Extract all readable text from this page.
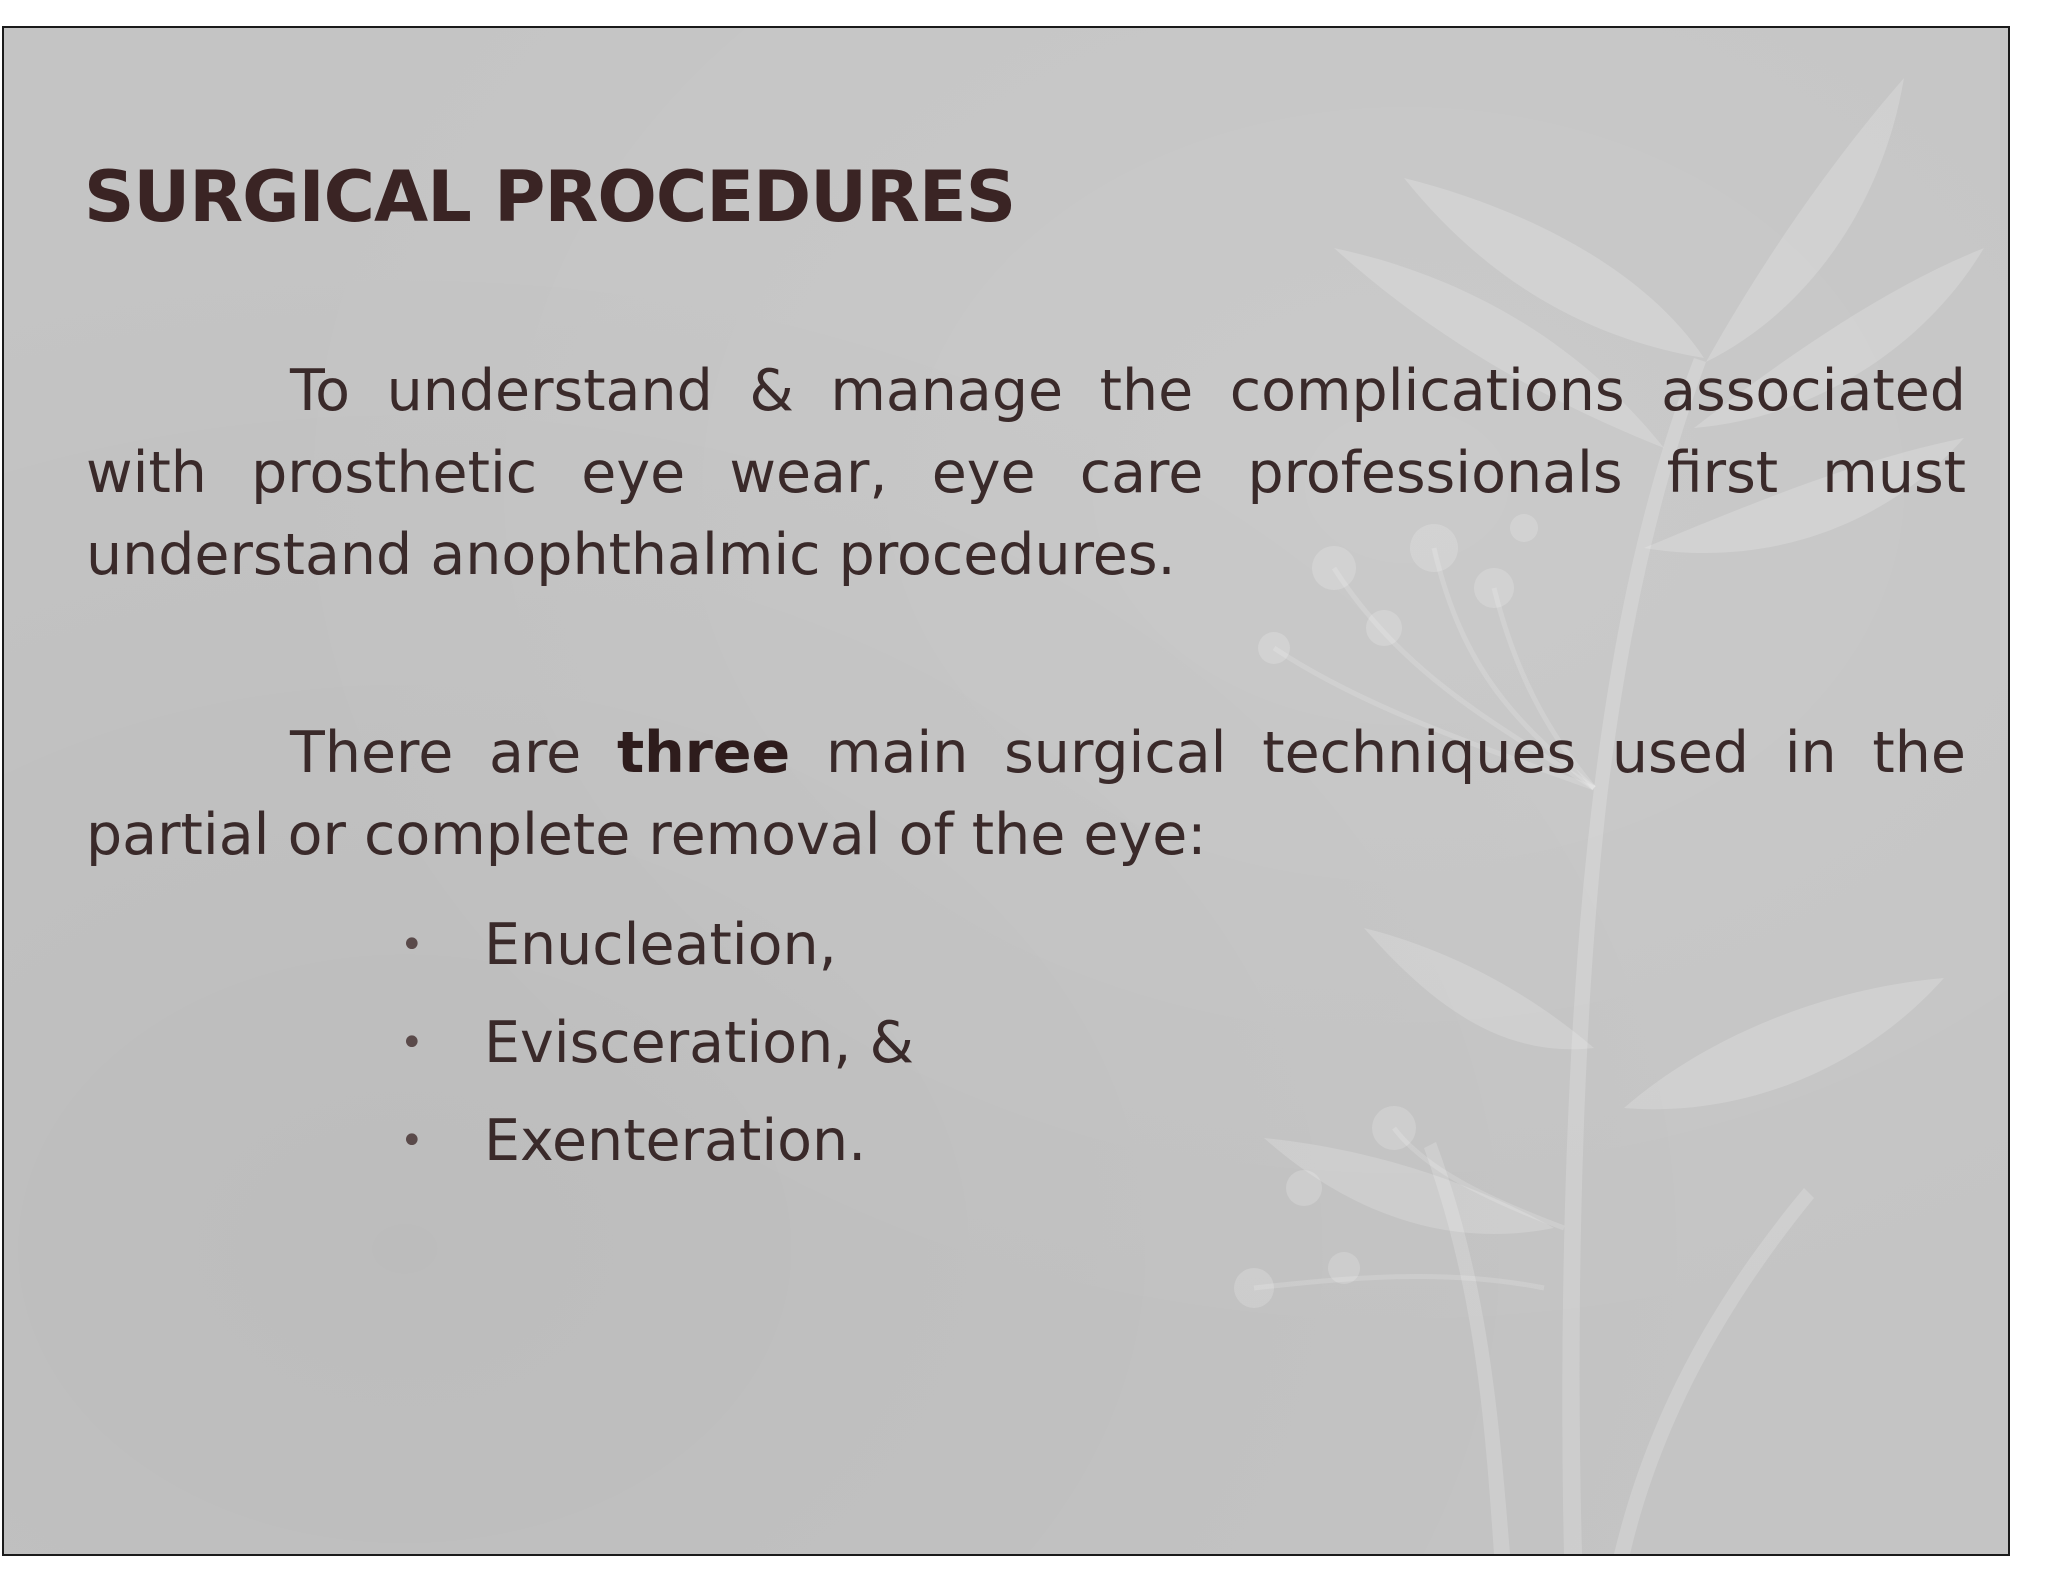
SURGICAL PROCEDURES

To understand & manage the complications associated with prosthetic eye wear, eye care professionals first must understand anophthalmic procedures.

There are three main surgical techniques used in the partial or complete removal of the eye:

• Enucleation,
• Evisceration, &
• Exenteration.
